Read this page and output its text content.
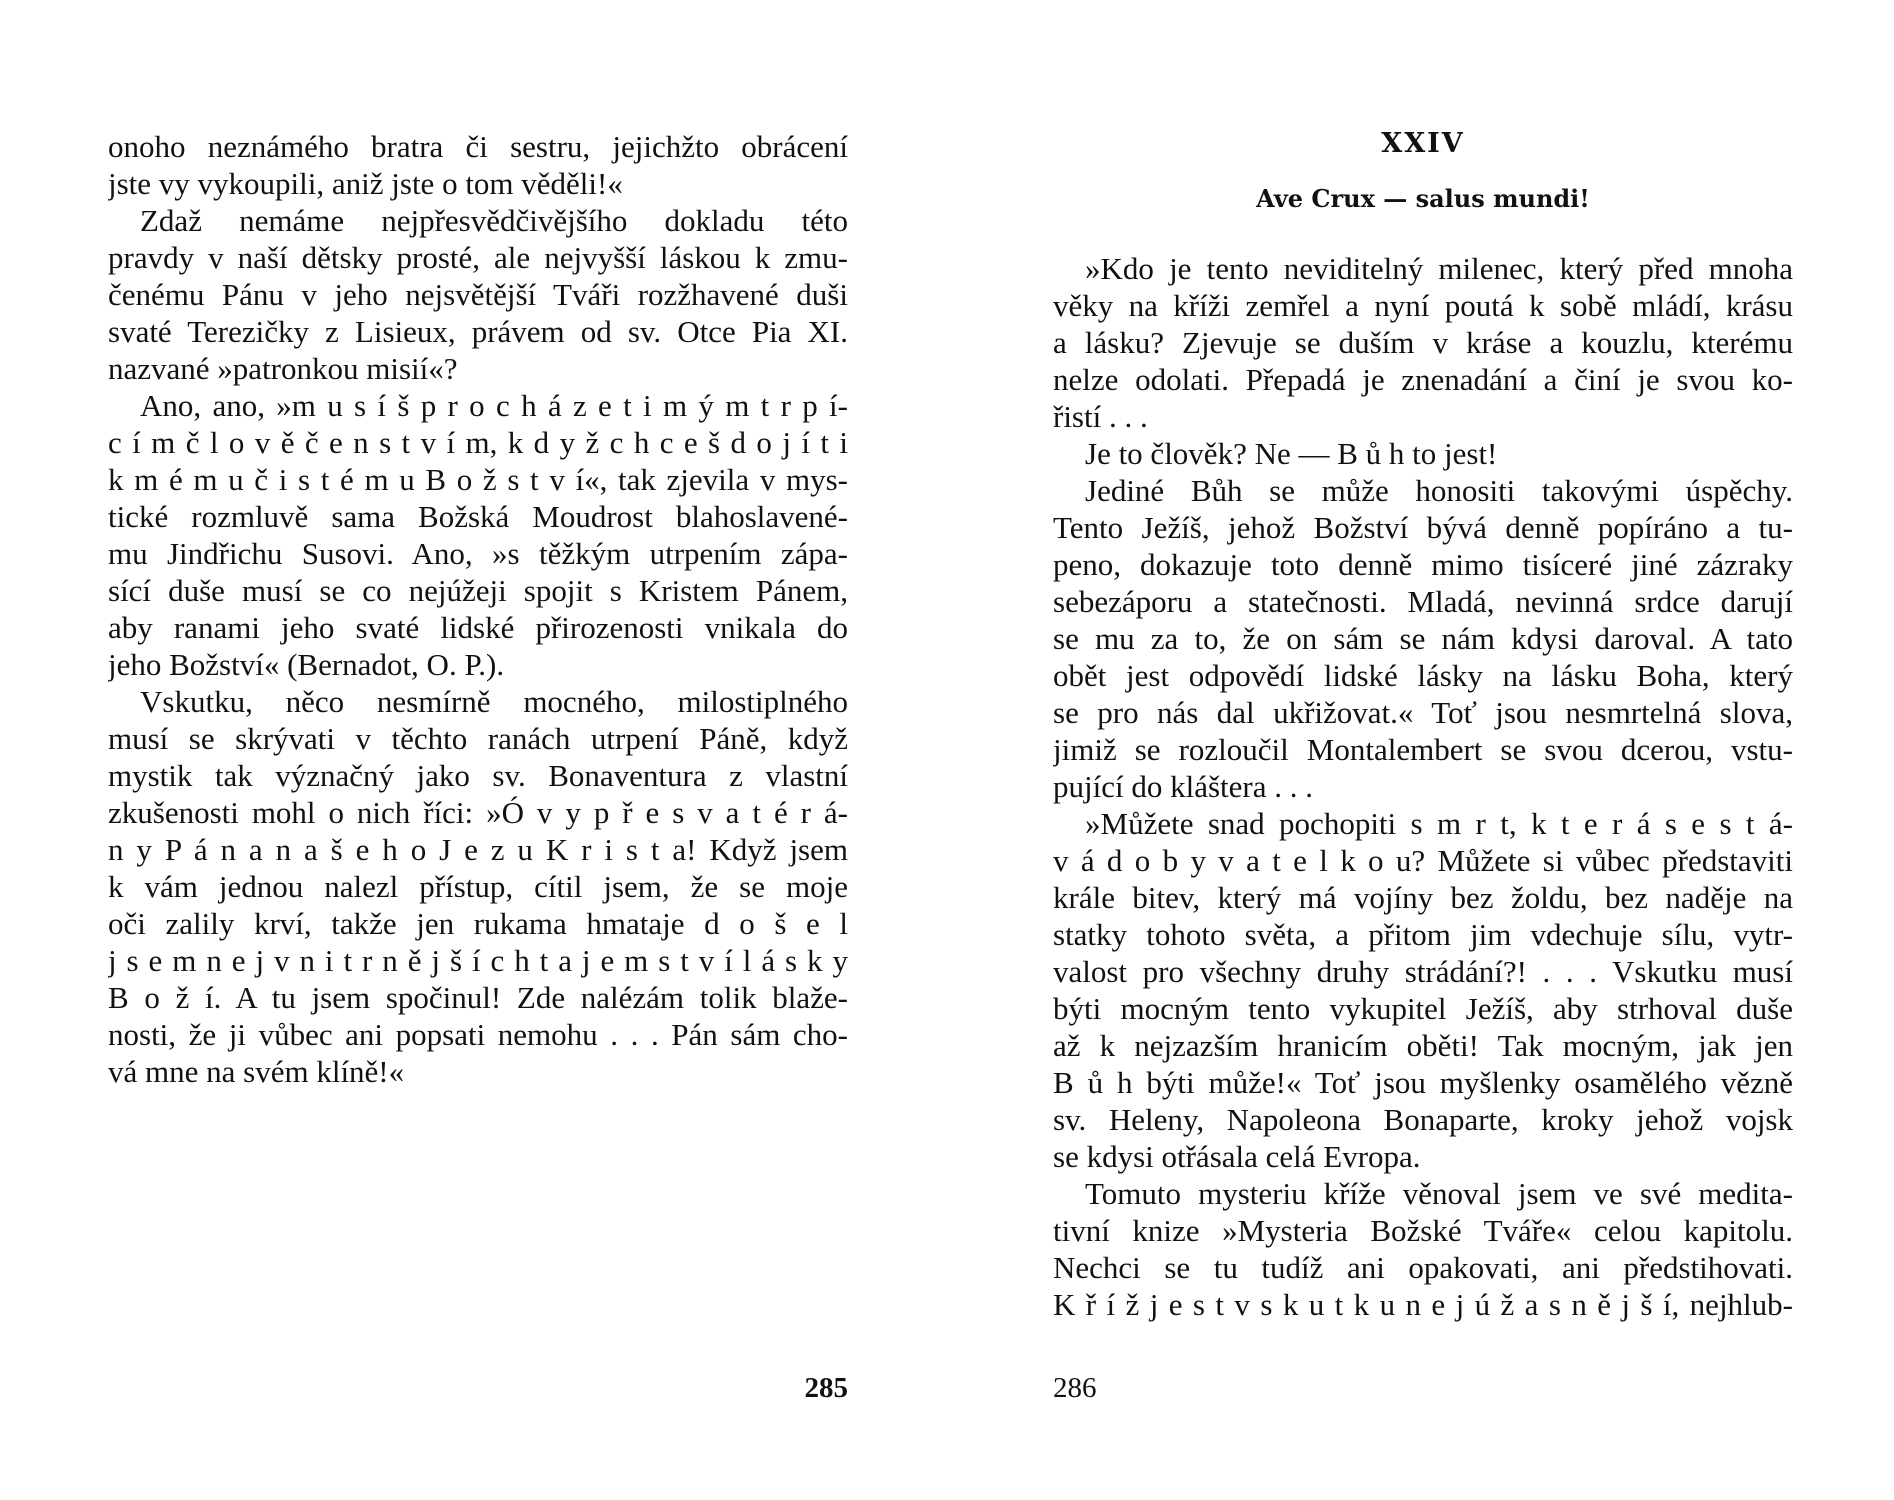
onoho neznámého bratra či sestru, jejichžto obrácení
jste vy vykoupili, aniž jste o tom věděli!«
Zdaž nemáme nejpřesvědčivějšího dokladu této
pravdy v naší dětsky prosté, ale nejvyšší láskou k zmu-
čenému Pánu v jeho nejsvětější Tváři rozžhavené duši
svaté Terezičky z Lisieux, právem od sv. Otce Pia XI.
nazvané »patronkou misií«?
Ano, ano, »m u s í š p r o c h á z e t i m ý m t r p í-
c í m č l o v ě č e n s t v í m, k d y ž c h c e š d o j í t i
k m é m u č i s t é m u B o ž s t v í«, tak zjevila v mys-
tické rozmluvě sama Božská Moudrost blahoslavené-
mu Jindřichu Susovi. Ano, »s těžkým utrpením zápa-
sící duše musí se co nejúžeji spojit s Kristem Pánem,
aby ranami jeho svaté lidské přirozenosti vnikala do
jeho Božství« (Bernadot, O. P.).
Vskutku, něco nesmírně mocného, milostiplného
musí se skrývati v těchto ranách utrpení Páně, když
mystik tak význačný jako sv. Bonaventura z vlastní
zkušenosti mohl o nich říci: »Ó v y p ř e s v a t é r á-
n y P á n a n a š e h o J e z u K r i s t a! Když jsem
k vám jednou nalezl přístup, cítil jsem, že se moje
oči zalily krví, takže jen rukama hmataje d o š e l
j s e m n e j v n i t r n ě j š í c h t a j e m s t v í l á s k y
B o ž í. A tu jsem spočinul! Zde nalézám tolik blaže-
nosti, že ji vůbec ani popsati nemohu . . . Pán sám cho-
vá mne na svém klíně!«
285
XXIV
Ave Crux — salus mundi!
»Kdo je tento neviditelný milenec, který před mnoha
věky na kříži zemřel a nyní poutá k sobě mládí, krásu
a lásku? Zjevuje se duším v kráse a kouzlu, kterému
nelze odolati. Přepadá je znenadání a činí je svou ko-
řistí . . .
Je to člověk? Ne — B ů h to jest!
Jediné Bůh se může honositi takovými úspěchy.
Tento Ježíš, jehož Božství bývá denně popíráno a tu-
peno, dokazuje toto denně mimo tisíceré jiné zázraky
sebezáporu a statečnosti. Mladá, nevinná srdce darují
se mu za to, že on sám se nám kdysi daroval. A tato
obět jest odpovědí lidské lásky na lásku Boha, který
se pro nás dal ukřižovat.« Toť jsou nesmrtelná slova,
jimiž se rozloučil Montalembert se svou dcerou, vstu-
pující do kláštera . . .
»Můžete snad pochopiti s m r t, k t e r á s e s t á-
v á d o b y v a t e l k o u? Můžete si vůbec představiti
krále bitev, který má vojíny bez žoldu, bez naděje na
statky tohoto světa, a přitom jim vdechuje sílu, vytr-
valost pro všechny druhy strádání?! . . . Vskutku musí
býti mocným tento vykupitel Ježíš, aby strhoval duše
až k nejzazším hranicím oběti! Tak mocným, jak jen
B ů h býti může!« Toť jsou myšlenky osamělého vězně
sv. Heleny, Napoleona Bonaparte, kroky jehož vojsk
se kdysi otřásala celá Evropa.
Tomuto mysteriu kříže věnoval jsem ve své medita-
tivní knize »Mysteria Božské Tváře« celou kapitolu.
Nechci se tu tudíž ani opakovati, ani předstihovati.
K ř í ž j e s t v s k u t k u n e j ú ž a s n ě j š í, nejhlub-
286
